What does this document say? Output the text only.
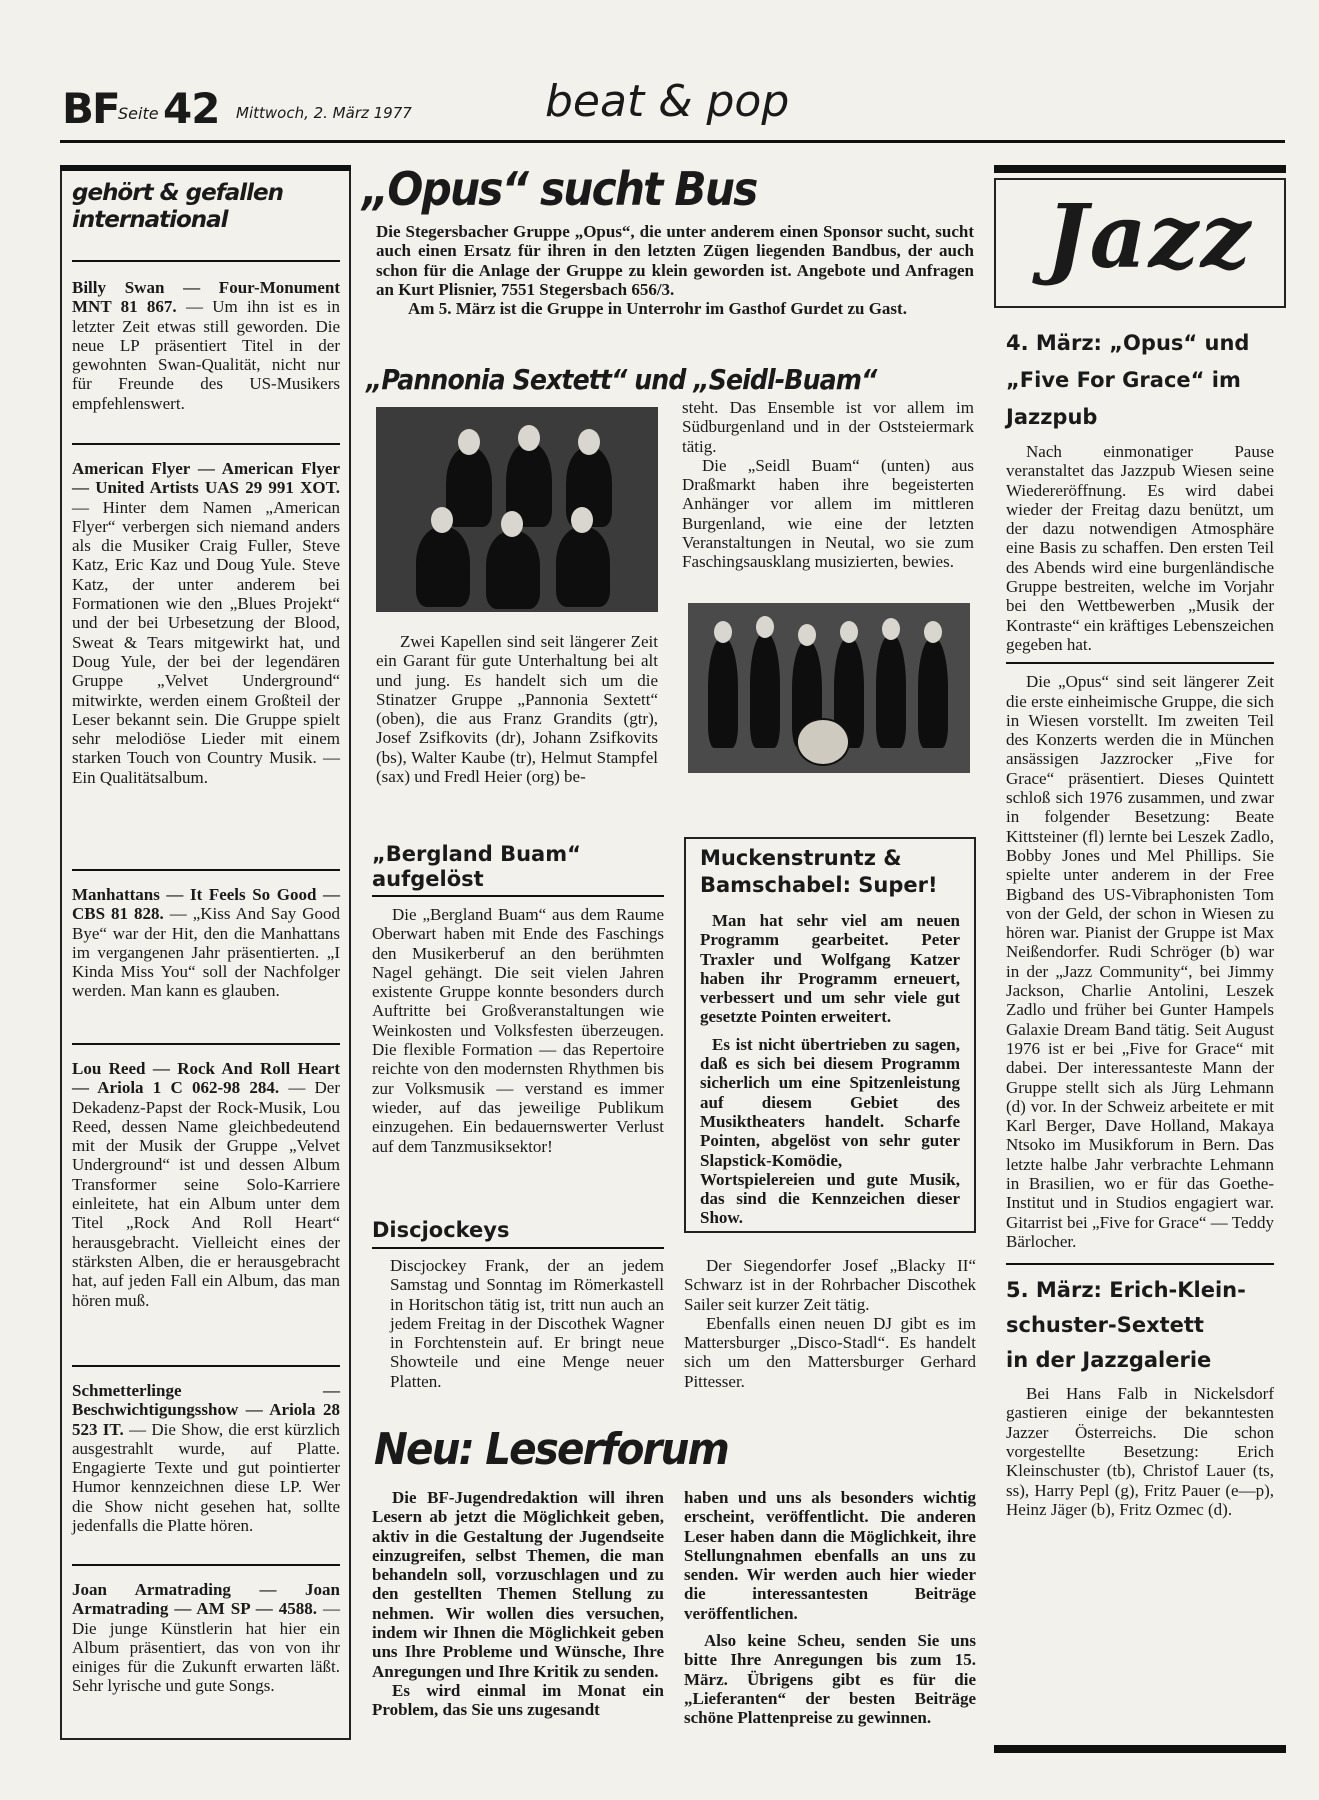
BF Seite 42 Mittwoch, 2. März 1977	beat & pop
gehört & gefallen
international

Billy Swan — Four-Monument MNT 81 867. — Um ihn ist es in letzter Zeit etwas still geworden. Die neue LP präsentiert Titel in der gewohnten Swan-Qualität, nicht nur für Freunde des US-Musikers empfehlenswert.

American Flyer — American Flyer — United Artists UAS 29 991 XOT. — Hinter dem Namen „American Flyer“ verbergen sich niemand anders als die Musiker Craig Fuller, Steve Katz, Eric Kaz und Doug Yule. Steve Katz, der unter anderem bei Formationen wie den „Blues Projekt“ und der bei Urbesetzung der Blood, Sweat & Tears mitgewirkt hat, und Doug Yule, der bei der legendären Gruppe „Velvet Underground“ mitwirkte, werden einem Großteil der Leser bekannt sein. Die Gruppe spielt sehr melodiöse Lieder mit einem starken Touch von Country Musik. — Ein Qualitätsalbum.

Manhattans — It Feels So Good — CBS 81 828. — „Kiss And Say Good Bye“ war der Hit, den die Manhattans im vergangenen Jahr präsentierten. „I Kinda Miss You“ soll der Nachfolger werden. Man kann es glauben.

Lou Reed — Rock And Roll Heart — Ariola 1 C 062-98 284. — Der Dekadenz-Papst der Rock-Musik, Lou Reed, dessen Name gleichbedeutend mit der Musik der Gruppe „Velvet Underground“ ist und dessen Album Transformer seine Solo-Karriere einleitete, hat ein Album unter dem Titel „Rock And Roll Heart“ herausgebracht. Vielleicht eines der stärksten Alben, die er herausgebracht hat, auf jeden Fall ein Album, das man hören muß.

Schmetterlinge — Beschwichtigungsshow — Ariola 28 523 IT. — Die Show, die erst kürzlich ausgestrahlt wurde, auf Platte. Engagierte Texte und gut pointierter Humor kennzeichnen diese LP. Wer die Show nicht gesehen hat, sollte jedenfalls die Platte hören.

Joan Armatrading — Joan Armatrading — AM SP — 4588. — Die junge Künstlerin hat hier ein Album präsentiert, das von von ihr einiges für die Zukunft erwarten läßt. Sehr lyrische und gute Songs.

„Opus“ sucht Bus

Die Stegersbacher Gruppe „Opus“, die unter anderem einen Sponsor sucht, sucht auch einen Ersatz für ihren in den letzten Zügen liegenden Bandbus, der auch schon für die Anlage der Gruppe zu klein geworden ist. Angebote und Anfragen an Kurt Plisnier, 7551 Stegersbach 656/3.

Am 5. März ist die Gruppe in Unterrohr im Gasthof Gurdet zu Gast.

„Pannonia Sextett“ und „Seidl-Buam“

steht. Das Ensemble ist vor allem im Südburgenland und in der Oststeiermark tätig.

Die „Seidl Buam“ (unten) aus Draßmarkt haben ihre begeisterten Anhänger vor allem im mittleren Burgenland, wie eine der letzten Veranstaltungen in Neutal, wo sie zum Faschingsausklang musizierten, bewies.

Zwei Kapellen sind seit längerer Zeit ein Garant für gute Unterhaltung bei alt und jung. Es handelt sich um die Stinatzer Gruppe „Pannonia Sextett“ (oben), die aus Franz Grandits (gtr), Josef Zsifkovits (dr), Johann Zsifkovits (bs), Walter Kaube (tr), Helmut Stampfel (sax) und Fredl Heier (org) be-

„Bergland Buam“
aufgelöst

Die „Bergland Buam“ aus dem Raume Oberwart haben mit Ende des Faschings den Musikerberuf an den berühmten Nagel gehängt. Die seit vielen Jahren existente Gruppe konnte besonders durch Auftritte bei Großveranstaltungen wie Weinkosten und Volksfesten überzeugen. Die flexible Formation — das Repertoire reichte von den modernsten Rhythmen bis zur Volksmusik — verstand es immer wieder, auf das jeweilige Publikum einzugehen. Ein bedauernswerter Verlust auf dem Tanzmusiksektor!

Muckenstruntz &
Bamschabel: Super!

Man hat sehr viel am neuen Programm gearbeitet. Peter Traxler und Wolfgang Katzer haben ihr Programm erneuert, verbessert und um sehr viele gut gesetzte Pointen erweitert.

Es ist nicht übertrieben zu sagen, daß es sich bei diesem Programm sicherlich um eine Spitzenleistung auf diesem Gebiet des Musiktheaters handelt. Scharfe Pointen, abgelöst von sehr guter Slapstick-Komödie, Wortspielereien und gute Musik, das sind die Kennzeichen dieser Show.

Discjockeys

Discjockey Frank, der an jedem Samstag und Sonntag im Römerkastell in Horitschon tätig ist, tritt nun auch an jedem Freitag in der Discothek Wagner in Forchtenstein auf. Er bringt neue Showteile und eine Menge neuer Platten.

Der Siegendorfer Josef „Blacky II“ Schwarz ist in der Rohrbacher Discothek Sailer seit kurzer Zeit tätig.

Ebenfalls einen neuen DJ gibt es im Mattersburger „Disco-Stadl“. Es handelt sich um den Mattersburger Gerhard Pittesser.

Neu: Leserforum

Die BF-Jugendredaktion will ihren Lesern ab jetzt die Möglichkeit geben, aktiv in die Gestaltung der Jugendseite einzugreifen, selbst Themen, die man behandeln soll, vorzuschlagen und zu den gestellten Themen Stellung zu nehmen. Wir wollen dies versuchen, indem wir Ihnen die Möglichkeit geben uns Ihre Probleme und Wünsche, Ihre Anregungen und Ihre Kritik zu senden.

Es wird einmal im Monat ein Problem, das Sie uns zugesandt

haben und uns als besonders wichtig erscheint, veröffentlicht. Die anderen Leser haben dann die Möglichkeit, ihre Stellungnahmen ebenfalls an uns zu senden. Wir werden auch hier wieder die interessantesten Beiträge veröffentlichen.

Also keine Scheu, senden Sie uns bitte Ihre Anregungen bis zum 15. März. Übrigens gibt es für die „Lieferanten“ der besten Beiträge schöne Plattenpreise zu gewinnen.

Jazz
4. März: „Opus“ und
„Five For Grace“ im
Jazzpub

Nach einmonatiger Pause veranstaltet das Jazzpub Wiesen seine Wiedereröffnung. Es wird dabei wieder der Freitag dazu benützt, um der dazu notwendigen Atmosphäre eine Basis zu schaffen. Den ersten Teil des Abends wird eine burgenländische Gruppe bestreiten, welche im Vorjahr bei den Wettbewerben „Musik der Kontraste“ ein kräftiges Lebenszeichen gegeben hat.

Die „Opus“ sind seit längerer Zeit die erste einheimische Gruppe, die sich in Wiesen vorstellt. Im zweiten Teil des Konzerts werden die in München ansässigen Jazzrocker „Five for Grace“ präsentiert. Dieses Quintett schloß sich 1976 zusammen, und zwar in folgender Besetzung: Beate Kittsteiner (fl) lernte bei Leszek Zadlo, Bobby Jones und Mel Phillips. Sie spielte unter anderem in der Free Bigband des US-Vibraphonisten Tom von der Geld, der schon in Wiesen zu hören war. Pianist der Gruppe ist Max Neißendorfer. Rudi Schröger (b) war in der „Jazz Community“, bei Jimmy Jackson, Charlie Antolini, Leszek Zadlo und früher bei Gunter Hampels Galaxie Dream Band tätig. Seit August 1976 ist er bei „Five for Grace“ mit dabei. Der interessanteste Mann der Gruppe stellt sich als Jürg Lehmann (d) vor. In der Schweiz arbeitete er mit Karl Berger, Dave Holland, Makaya Ntsoko im Musikforum in Bern. Das letzte halbe Jahr verbrachte Lehmann in Brasilien, wo er für das Goethe-Institut und in Studios engagiert war. Gitarrist bei „Five for Grace“ — Teddy Bärlocher.

5. März: Erich-Klein-
schuster-Sextett
in der Jazzgalerie

Bei Hans Falb in Nickelsdorf gastieren einige der bekanntesten Jazzer Österreichs. Die schon vorgestellte Besetzung: Erich Kleinschuster (tb), Christof Lauer (ts, ss), Harry Pepl (g), Fritz Pauer (e—p), Heinz Jäger (b), Fritz Ozmec (d).
